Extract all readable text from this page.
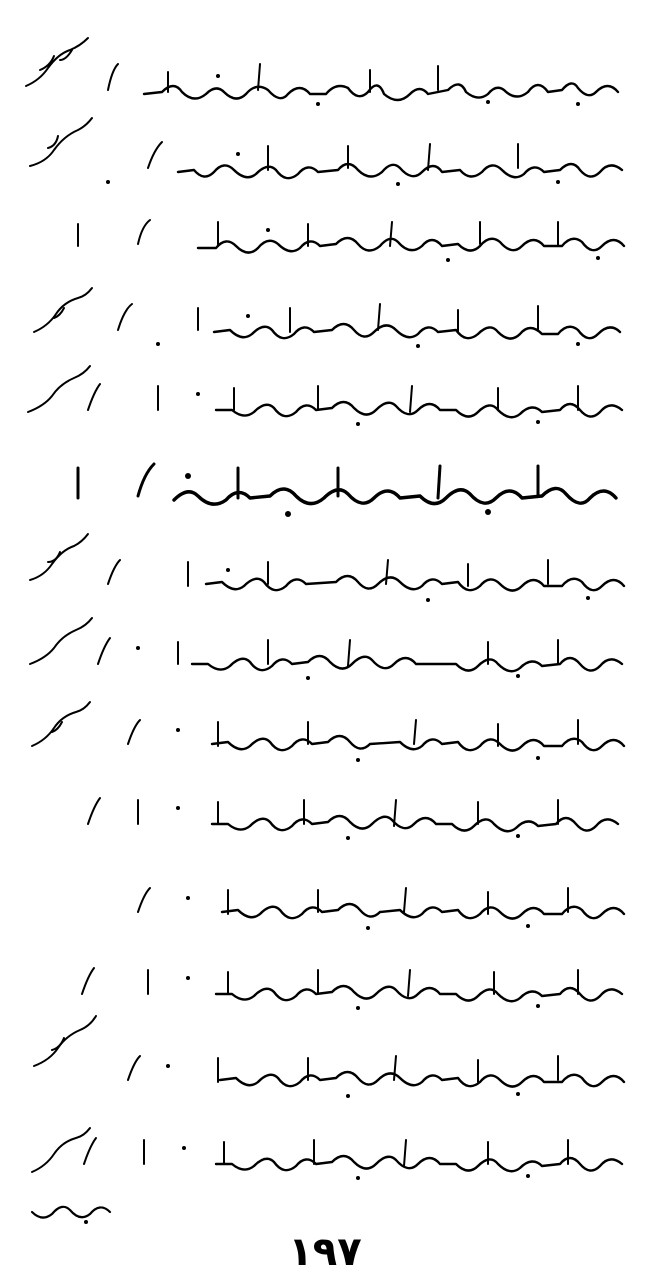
١٩٧
